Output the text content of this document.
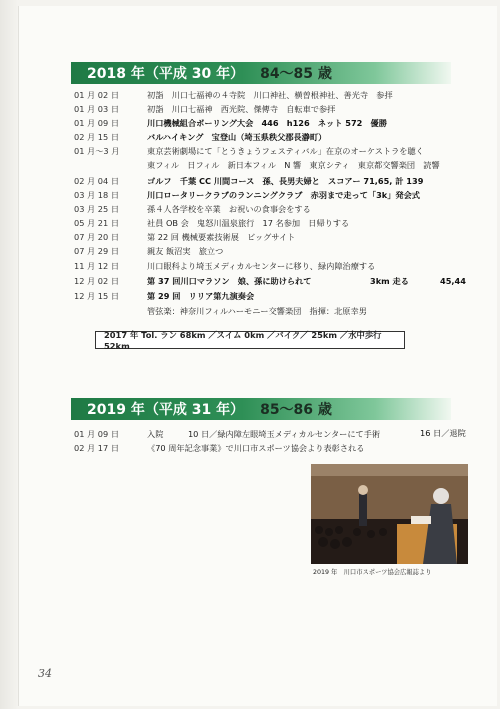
2018 年（平成 30 年） 84～85 歳
01 月 02 日	初詣　川口七福神の４寺院　川口神社、横曽根神社、善光寺　参拝
01 月 03 日	初詣　川口七福神　西光院、傑傳寺　自転車で参拝
01 月 09 日	川口機械組合ボーリング大会　446　h126　ネット 572　優勝
02 月 15 日	バルハイキング　宝登山（埼玉県秩父郡長瀞町）
01 月～3 月	東京芸術劇場にて「とうきょうフェスティバル」在京のオーケストラを聴く
東フィル　日フィル　新日本フィル　N 響　東京シティ　東京都交響楽団　読響
02 月 04 日	ゴルフ　千葉 CC 川間コース　孫、長男夫婦と　スコアー 71,65, 計 139
03 月 18 日	川口ロータリークラブのランニングクラブ　赤羽まで走って「3k」発会式
03 月 25 日	孫４人各学校を卒業　お祝いの食事会をする
05 月 21 日	社員 OB 会　鬼怒川温泉旅行　17 名参加　日帰りする
07 月 20 日	第 22 回 機械要素技術展　ビッグサイト
07 月 29 日	親友 飯沼実　旅立つ
11 月 12 日	川口眼科より埼玉メディカルセンターに移り、緑内障治療する
12 月 02 日	第 37 回川口マラソン　娘、孫に助けられて	3km 走る	45,44
12 月 15 日	第 29 回　リリア第九演奏会
管弦楽：神奈川フィルハーモニー交響楽団　指揮：北原幸男
2017 年 Tol. ラン 68km ／スイム 0km ／バイク／ 25km ／水中歩行　52km
2019 年（平成 31 年） 85～86 歳
01 月 09 日	入院　　　10 日／緑内障左眼埼玉メディカルセンターにて手術	16 日／退院
02 月 17 日	《70 周年記念事業》で川口市スポーツ協会より表彰される
2019 年　川口市スポーツ協会広報誌より
34
